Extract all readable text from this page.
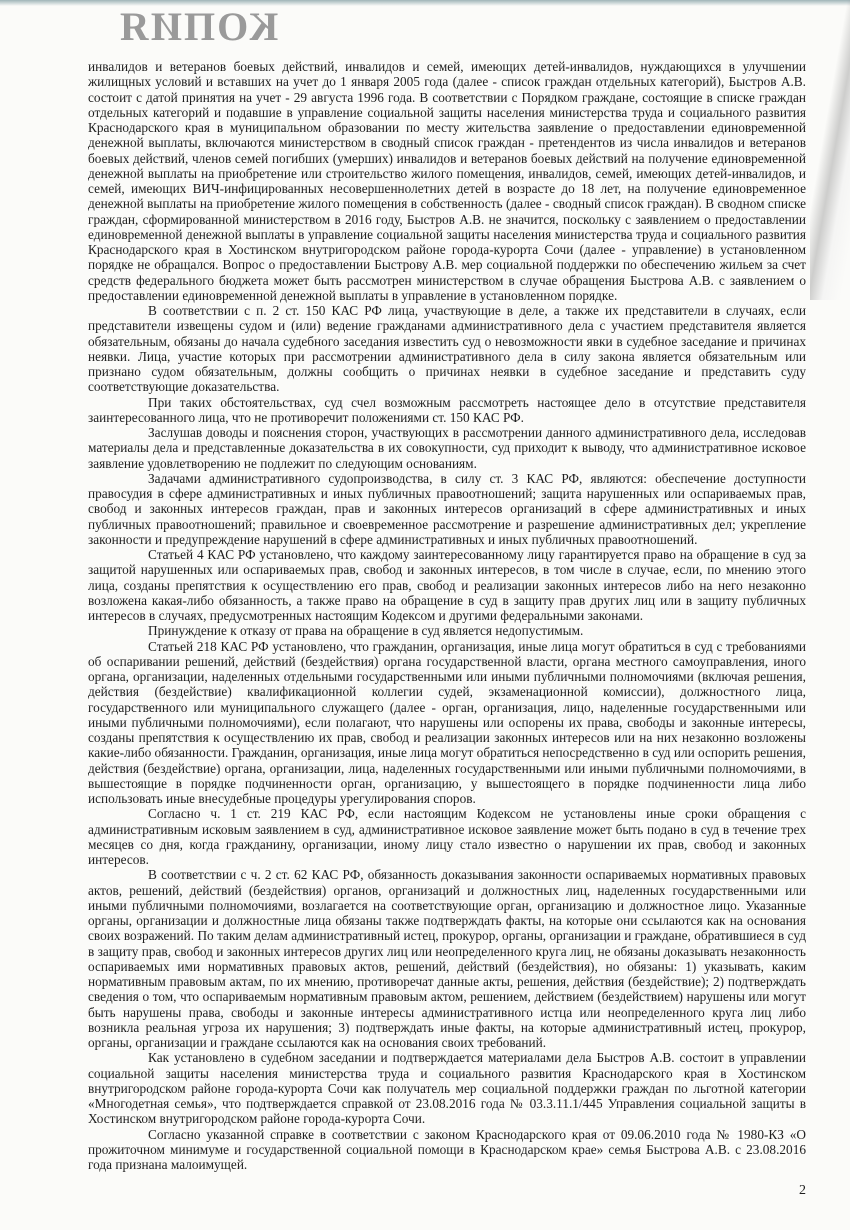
КОПИЯ

инвалидов и ветеранов боевых действий, инвалидов и семей, имеющих детей-инвалидов, нуждающихся в улучшении жилищных условий и вставших на учет до 1 января 2005 года (далее - список граждан отдельных категорий), Быстров А.В. состоит с датой принятия на учет - 29 августа 1996 года. В соответствии с Порядком граждане, состоящие в списке граждан отдельных категорий и подавшие в управление социальной защиты населения министерства труда и социального развития Краснодарского края в муниципальном образовании по месту жительства заявление о предоставлении единовременной денежной выплаты, включаются министерством в сводный список граждан - претендентов из числа инвалидов и ветеранов боевых действий, членов семей погибших (умерших) инвалидов и ветеранов боевых действий на получение единовременной денежной выплаты на приобретение или строительство жилого помещения, инвалидов, семей, имеющих детей-инвалидов, и семей, имеющих ВИЧ-инфицированных несовершеннолетних детей в возрасте до 18 лет, на получение единовременное денежной выплаты на приобретение жилого помещения в собственность (далее - сводный список граждан). В сводном списке граждан, сформированной министерством в 2016 году, Быстров А.В. не значится, поскольку с заявлением о предоставлении единовременной денежной выплаты в управление социальной защиты населения министерства труда и социального развития Краснодарского края в Хостинском внутригородском районе города-курорта Сочи (далее - управление) в установленном порядке не обращался. Вопрос о предоставлении Быстрову А.В. мер социальной поддержки по обеспечению жильем за счет средств федерального бюджета может быть рассмотрен министерством в случае обращения Быстрова А.В. с заявлением о предоставлении единовременной денежной выплаты в управление в установленном порядке.

В соответствии с п. 2 ст. 150 КАС РФ лица, участвующие в деле, а также их представители в случаях, если представители извещены судом и (или) ведение гражданами административного дела с участием представителя является обязательным, обязаны до начала судебного заседания известить суд о невозможности явки в судебное заседание и причинах неявки. Лица, участие которых при рассмотрении административного дела в силу закона является обязательным или признано судом обязательным, должны сообщить о причинах неявки в судебное заседание и представить суду соответствующие доказательства.

При таких обстоятельствах, суд счел возможным рассмотреть настоящее дело в отсутствие представителя заинтересованного лица, что не противоречит положениями ст. 150 КАС РФ.

Заслушав доводы и пояснения сторон, участвующих в рассмотрении данного административного дела, исследовав материалы дела и представленные доказательства в их совокупности, суд приходит к выводу, что административное исковое заявление удовлетворению не подлежит по следующим основаниям.

Задачами административного судопроизводства, в силу ст. 3 КАС РФ, являются: обеспечение доступности правосудия в сфере административных и иных публичных правоотношений; защита нарушенных или оспариваемых прав, свобод и законных интересов граждан, прав и законных интересов организаций в сфере административных и иных публичных правоотношений; правильное и своевременное рассмотрение и разрешение административных дел; укрепление законности и предупреждение нарушений в сфере административных и иных публичных правоотношений.

Статьей 4 КАС РФ установлено, что каждому заинтересованному лицу гарантируется право на обращение в суд за защитой нарушенных или оспариваемых прав, свобод и законных интересов, в том числе в случае, если, по мнению этого лица, созданы препятствия к осуществлению его прав, свобод и реализации законных интересов либо на него незаконно возложена какая-либо обязанность, а также право на обращение в суд в защиту прав других лиц или в защиту публичных интересов в случаях, предусмотренных настоящим Кодексом и другими федеральными законами.

Принуждение к отказу от права на обращение в суд является недопустимым.

Статьей 218 КАС РФ установлено, что гражданин, организация, иные лица могут обратиться в суд с требованиями об оспаривании решений, действий (бездействия) органа государственной власти, органа местного самоуправления, иного органа, организации, наделенных отдельными государственными или иными публичными полномочиями (включая решения, действия (бездействие) квалификационной коллегии судей, экзаменационной комиссии), должностного лица, государственного или муниципального служащего (далее - орган, организация, лицо, наделенные государственными или иными публичными полномочиями), если полагают, что нарушены или оспорены их права, свободы и законные интересы, созданы препятствия к осуществлению их прав, свобод и реализации законных интересов или на них незаконно возложены какие-либо обязанности. Гражданин, организация, иные лица могут обратиться непосредственно в суд или оспорить решения, действия (бездействие) органа, организации, лица, наделенных государственными или иными публичными полномочиями, в вышестоящие в порядке подчиненности орган, организацию, у вышестоящего в порядке подчиненности лица либо использовать иные внесудебные процедуры урегулирования споров.

Согласно ч. 1 ст. 219 КАС РФ, если настоящим Кодексом не установлены иные сроки обращения с административным исковым заявлением в суд, административное исковое заявление может быть подано в суд в течение трех месяцев со дня, когда гражданину, организации, иному лицу стало известно о нарушении их прав, свобод и законных интересов.

В соответствии с ч. 2 ст. 62 КАС РФ, обязанность доказывания законности оспариваемых нормативных правовых актов, решений, действий (бездействия) органов, организаций и должностных лиц, наделенных государственными или иными публичными полномочиями, возлагается на соответствующие орган, организацию и должностное лицо. Указанные органы, организации и должностные лица обязаны также подтверждать факты, на которые они ссылаются как на основания своих возражений. По таким делам административный истец, прокурор, органы, организации и граждане, обратившиеся в суд в защиту прав, свобод и законных интересов других лиц или неопределенного круга лиц, не обязаны доказывать незаконность оспариваемых ими нормативных правовых актов, решений, действий (бездействия), но обязаны: 1) указывать, каким нормативным правовым актам, по их мнению, противоречат данные акты, решения, действия (бездействие); 2) подтверждать сведения о том, что оспариваемым нормативным правовым актом, решением, действием (бездействием) нарушены или могут быть нарушены права, свободы и законные интересы административного истца или неопределенного круга лиц либо возникла реальная угроза их нарушения; 3) подтверждать иные факты, на которые административный истец, прокурор, органы, организации и граждане ссылаются как на основания своих требований.

Как установлено в судебном заседании и подтверждается материалами дела Быстров А.В. состоит в управлении социальной защиты населения министерства труда и социального развития Краснодарского края в Хостинском внутригородском районе города-курорта Сочи как получатель мер социальной поддержки граждан по льготной категории «Многодетная семья», что подтверждается справкой от 23.08.2016 года № 03.3.11.1/445 Управления социальной защиты в Хостинском внутригородском районе города-курорта Сочи.

Согласно указанной справке в соответствии с законом Краснодарского края от 09.06.2010 года № 1980-КЗ «О прожиточном минимуме и государственной социальной помощи в Краснодарском крае» семья Быстрова А.В. с 23.08.2016 года признана малоимущей.

2
